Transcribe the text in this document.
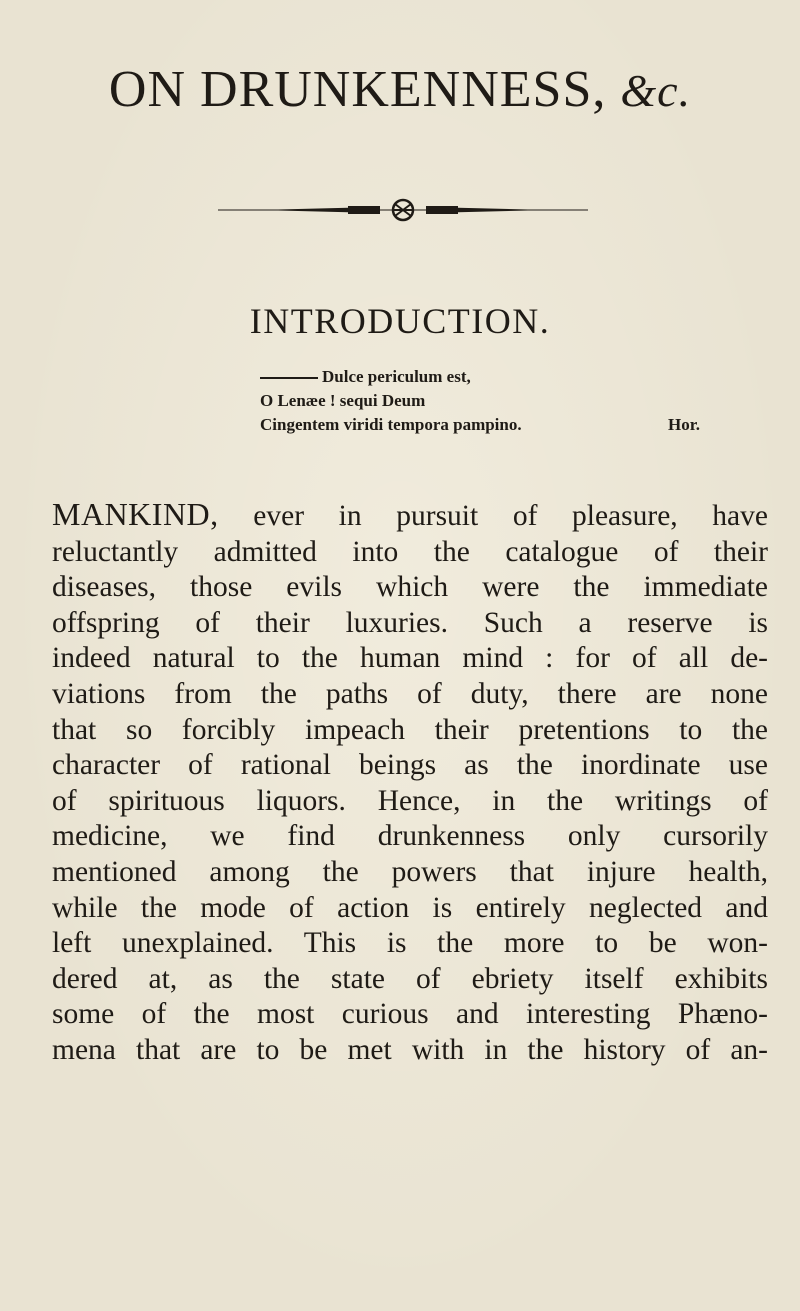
ON DRUNKENNESS, &c.
INTRODUCTION.
Dulce periculum est,
O Lenæe ! sequi Deum
Cingentem viridi tempora pampino.	Hor.
MANKIND, ever in pursuit of pleasure, have
reluctantly admitted into the catalogue of their
diseases, those evils which were the immediate
offspring of their luxuries. Such a reserve is
indeed natural to the human mind : for of all de-
viations from the paths of duty, there are none
that so forcibly impeach their pretentions to the
character of rational beings as the inordinate use
of spirituous liquors. Hence, in the writings of
medicine, we find drunkenness only cursorily
mentioned among the powers that injure health,
while the mode of action is entirely neglected and
left unexplained. This is the more to be won-
dered at, as the state of ebriety itself exhibits
some of the most curious and interesting Phæno-
mena that are to be met with in the history of an-
